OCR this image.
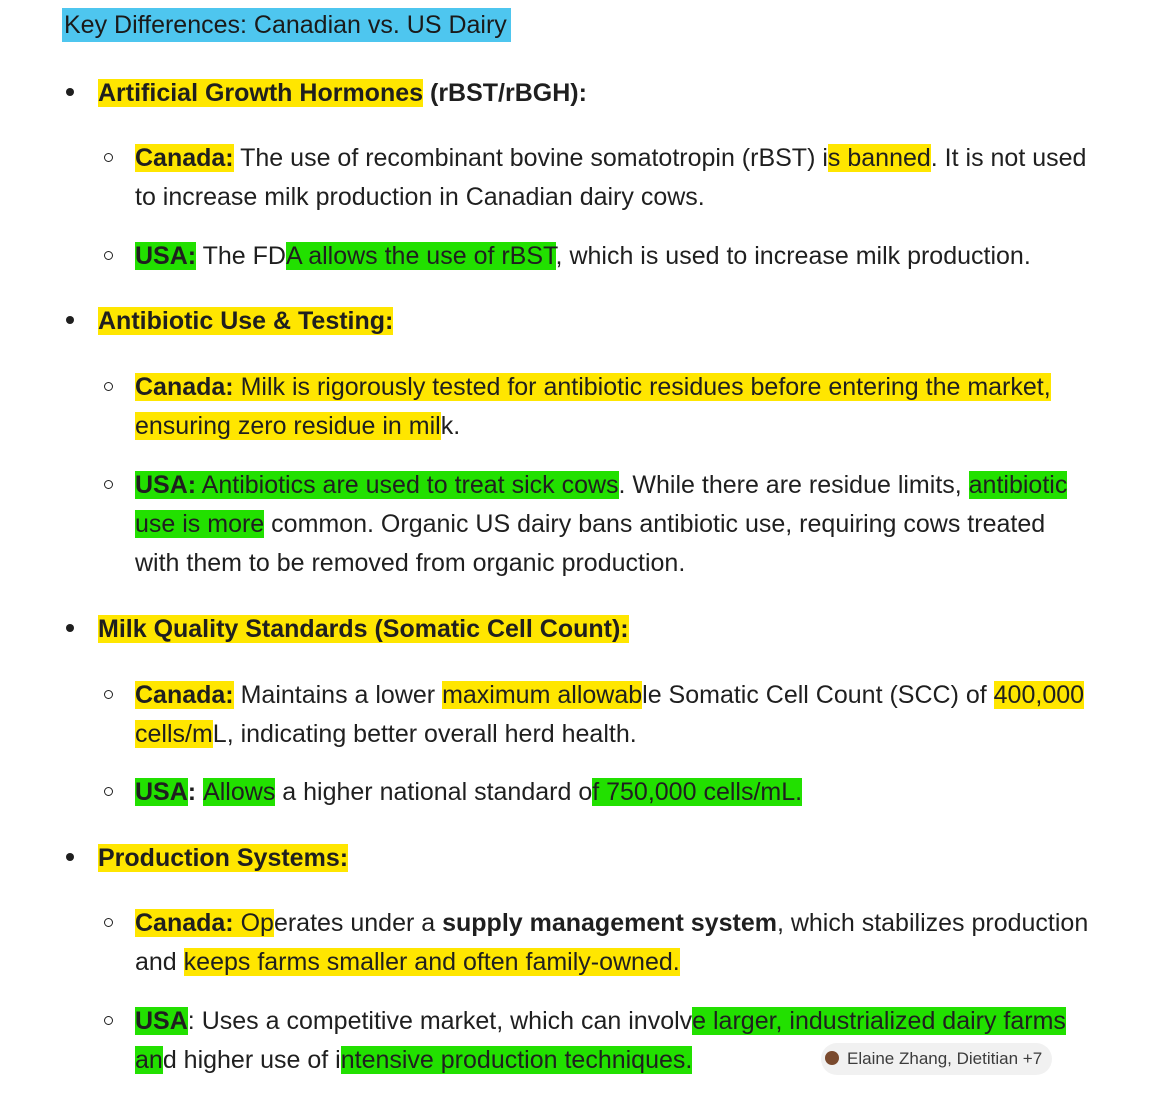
Key Differences: Canadian vs. US Dairy
Artificial Growth Hormones (rBST/rBGH):
Canada: The use of recombinant bovine somatotropin (rBST) is banned. It is not used to increase milk production in Canadian dairy cows.
USA: The FDA allows the use of rBST, which is used to increase milk production.
Antibiotic Use & Testing:
Canada: Milk is rigorously tested for antibiotic residues before entering the market, ensuring zero residue in milk.
USA: Antibiotics are used to treat sick cows. While there are residue limits, antibiotic use is more common. Organic US dairy bans antibiotic use, requiring cows treated with them to be removed from organic production.
Milk Quality Standards (Somatic Cell Count):
Canada: Maintains a lower maximum allowable Somatic Cell Count (SCC) of 400,000 cells/mL, indicating better overall herd health.
USA: Allows a higher national standard of 750,000 cells/mL.
Production Systems:
Canada: Operates under a supply management system, which stabilizes production and keeps farms smaller and often family-owned.
USA: Uses a competitive market, which can involve larger, industrialized dairy farms and higher use of intensive production techniques.	Elaine Zhang, Dietitian +7
